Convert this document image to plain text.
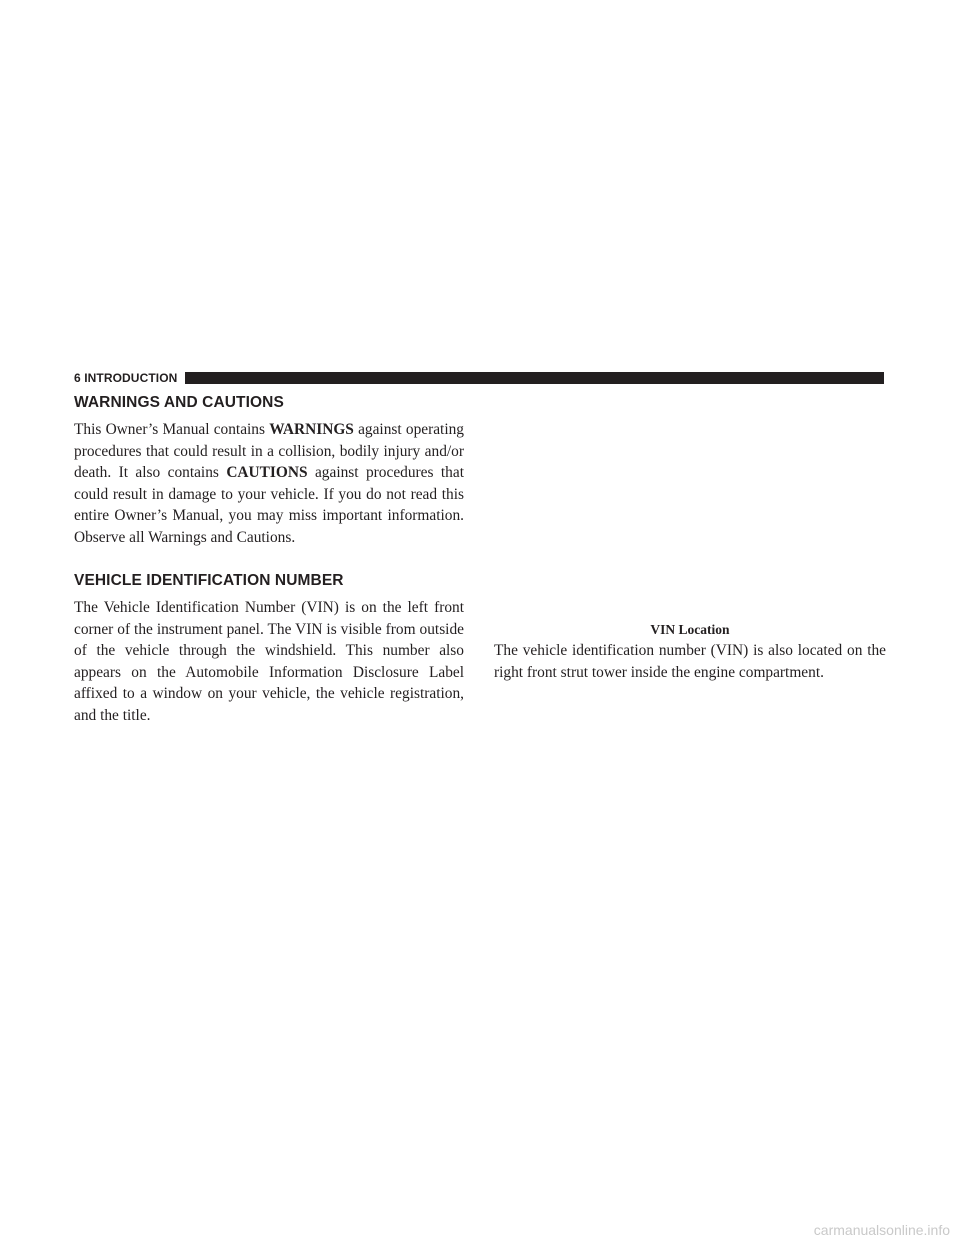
6 INTRODUCTION
WARNINGS AND CAUTIONS

This Owner’s Manual contains WARNINGS against operating procedures that could result in a collision, bodily injury and/or death. It also contains CAUTIONS against procedures that could result in damage to your vehicle. If you do not read this entire Owner’s Manual, you may miss important information. Observe all Warnings and Cautions.

VEHICLE IDENTIFICATION NUMBER

The Vehicle Identification Number (VIN) is on the left front corner of the instrument panel. The VIN is visible from outside of the vehicle through the windshield. This number also appears on the Automobile Information Disclosure Label affixed to a window on your vehicle, the vehicle registration, and the title.

VIN Location

The vehicle identification number (VIN) is also located on the right front strut tower inside the engine compartment.

carmanualsonline.info
